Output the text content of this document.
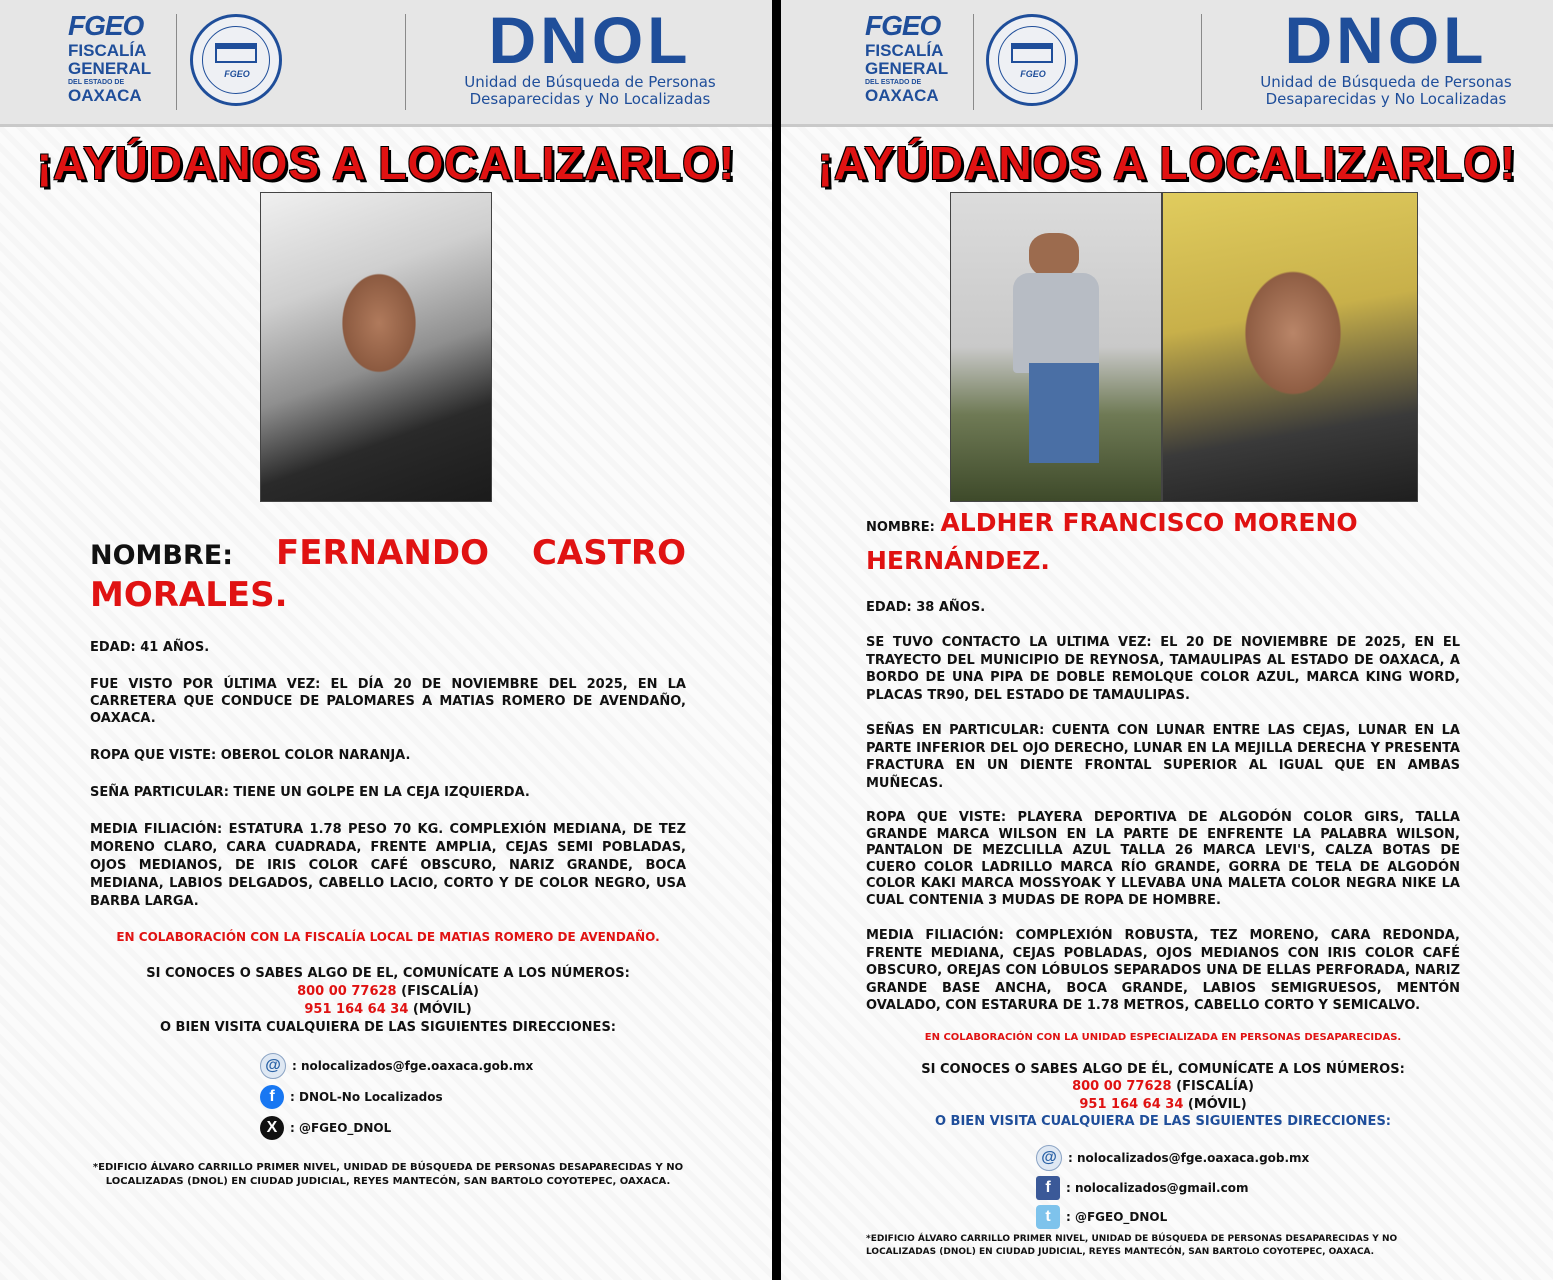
FGEO
FISCALÍA
GENERAL
DEL ESTADO DE
OAXACA
FGEO	DNOL
Unidad de Búsqueda de Personas
Desaparecidas y No Localizadas
¡AYÚDANOS A LOCALIZARLO!
NOMBRE: FERNANDO CASTRO
MORALES.
EDAD: 41 AÑOS.
FUE VISTO POR ÚLTIMA VEZ: EL DÍA 20 DE NOVIEMBRE DEL 2025, EN LA CARRETERA QUE CONDUCE DE PALOMARES A MATIAS ROMERO DE AVENDAÑO, OAXACA.
ROPA QUE VISTE: OBEROL COLOR NARANJA.
SEÑA PARTICULAR: TIENE UN GOLPE EN LA CEJA IZQUIERDA.
MEDIA FILIACIÓN: ESTATURA 1.78 PESO 70 KG. COMPLEXIÓN MEDIANA, DE TEZ MORENO CLARO, CARA CUADRADA, FRENTE AMPLIA, CEJAS SEMI POBLADAS, OJOS MEDIANOS, DE IRIS COLOR CAFÉ OBSCURO, NARIZ GRANDE, BOCA MEDIANA, LABIOS DELGADOS, CABELLO LACIO, CORTO Y DE COLOR NEGRO, USA BARBA LARGA.
EN COLABORACIÓN CON LA FISCALÍA LOCAL DE MATIAS ROMERO DE AVENDAÑO.
SI CONOCES O SABES ALGO DE EL, COMUNÍCATE A LOS NÚMEROS:
800 00 77628 (FISCALÍA)
951 164 64 34 (MÓVIL)
O BIEN VISITA CUALQUIERA DE LAS SIGUIENTES DIRECCIONES:
@ : nolocalizados@fge.oaxaca.gob.mx
f	: DNOL-No Localizados
X	: @FGEO_DNOL
*EDIFICIO ÁLVARO CARRILLO PRIMER NIVEL, UNIDAD DE BÚSQUEDA DE PERSONAS DESAPARECIDAS Y NO LOCALIZADAS (DNOL) EN CIUDAD JUDICIAL, REYES MANTECÓN, SAN BARTOLO COYOTEPEC, OAXACA.
FGEO
FISCALÍA
GENERAL
DEL ESTADO DE
OAXACA
FGEO	DNOL
Unidad de Búsqueda de Personas
Desaparecidas y No Localizadas
¡AYÚDANOS A LOCALIZARLO!
NOMBRE: ALDHER FRANCISCO MORENO
HERNÁNDEZ.
EDAD: 38 AÑOS.
SE TUVO CONTACTO LA ULTIMA VEZ: EL 20 DE NOVIEMBRE DE 2025, EN EL TRAYECTO DEL MUNICIPIO DE REYNOSA, TAMAULIPAS AL ESTADO DE OAXACA, A BORDO DE UNA PIPA DE DOBLE REMOLQUE COLOR AZUL, MARCA KING WORD, PLACAS TR90, DEL ESTADO DE TAMAULIPAS.
SEÑAS EN PARTICULAR: CUENTA CON LUNAR ENTRE LAS CEJAS, LUNAR EN LA PARTE INFERIOR DEL OJO DERECHO, LUNAR EN LA MEJILLA DERECHA Y PRESENTA FRACTURA EN UN DIENTE FRONTAL SUPERIOR AL IGUAL QUE EN AMBAS MUÑECAS.
ROPA QUE VISTE: PLAYERA DEPORTIVA DE ALGODÓN COLOR GIRS, TALLA GRANDE MARCA WILSON EN LA PARTE DE ENFRENTE LA PALABRA WILSON, PANTALON DE MEZCLILLA AZUL TALLA 26 MARCA LEVI'S, CALZA BOTAS DE CUERO COLOR LADRILLO MARCA RÍO GRANDE, GORRA DE TELA DE ALGODÓN COLOR KAKI MARCA MOSSYOAK Y LLEVABA UNA MALETA COLOR NEGRA NIKE LA CUAL CONTENIA 3 MUDAS DE ROPA DE HOMBRE.
MEDIA FILIACIÓN: COMPLEXIÓN ROBUSTA, TEZ MORENO, CARA REDONDA, FRENTE MEDIANA, CEJAS POBLADAS, OJOS MEDIANOS CON IRIS COLOR CAFÉ OBSCURO, OREJAS CON LÓBULOS SEPARADOS UNA DE ELLAS PERFORADA, NARIZ GRANDE BASE ANCHA, BOCA GRANDE, LABIOS SEMIGRUESOS, MENTÓN OVALADO, CON ESTARURA DE 1.78 METROS, CABELLO CORTO Y SEMICALVO.
EN COLABORACIÓN CON LA UNIDAD ESPECIALIZADA EN PERSONAS DESAPARECIDAS.
SI CONOCES O SABES ALGO DE ÉL, COMUNÍCATE A LOS NÚMEROS:
800 00 77628 (FISCALÍA)
951 164 64 34 (MÓVIL)
O BIEN VISITA CUALQUIERA DE LAS SIGUIENTES DIRECCIONES:
@ : nolocalizados@fge.oaxaca.gob.mx
f	: nolocalizados@gmail.com
t	: @FGEO_DNOL
*EDIFICIO ÁLVARO CARRILLO PRIMER NIVEL, UNIDAD DE BÚSQUEDA DE PERSONAS DESAPARECIDAS Y NO LOCALIZADAS (DNOL) EN CIUDAD JUDICIAL, REYES MANTECÓN, SAN BARTOLO COYOTEPEC, OAXACA.
